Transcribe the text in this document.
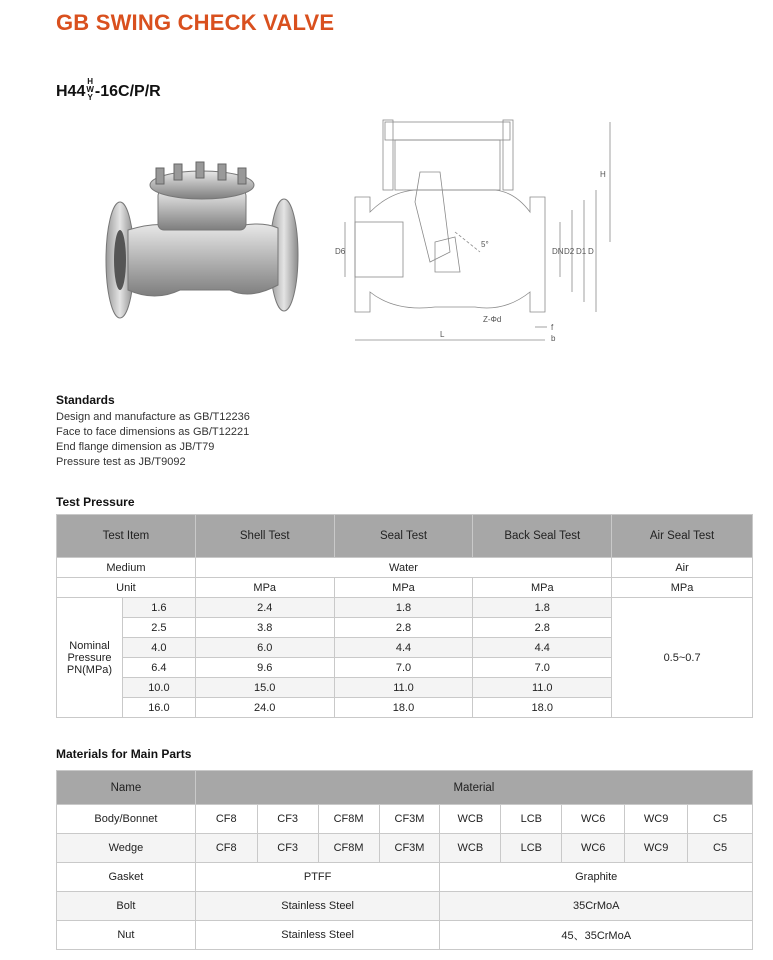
GB SWING CHECK VALVE
H44H
W
Y -16C/P/R
D6	DN D2 D1 D
H
5°
Z-Φd
L
f
b
Standards
Design and manufacture as GB/T12236
Face to face dimensions as GB/T12221
End flange dimension as JB/T79
Pressure test as JB/T9092
Test Pressure
Test Item		Shell Test	Seal Test	Back Seal Test	Air Seal Test
Medium		Water			Air
Unit		MPa	MPa	MPa	MPa
Nominal
Pressure
PN(MPa)	1.6	2.4	1.8	1.8	0.5~0.7
	2.5	3.8	2.8	2.8	
	4.0	6.0	4.4	4.4	
	6.4	9.6	7.0	7.0	
	10.0	15.0	11.0	11.0	
	16.0	24.0	18.0	18.0	
Materials for Main Parts
Name	Material								
Body/Bonnet	CF8	CF3	CF8M	CF3M	WCB	LCB	WC6	WC9	C5
Wedge	CF8	CF3	CF8M	CF3M	WCB	LCB	WC6	WC9	C5
Gasket	PTFF				Graphite				
Bolt	Stainless Steel				35CrMoA				
Nut	Stainless Steel				45、35CrMoA				
